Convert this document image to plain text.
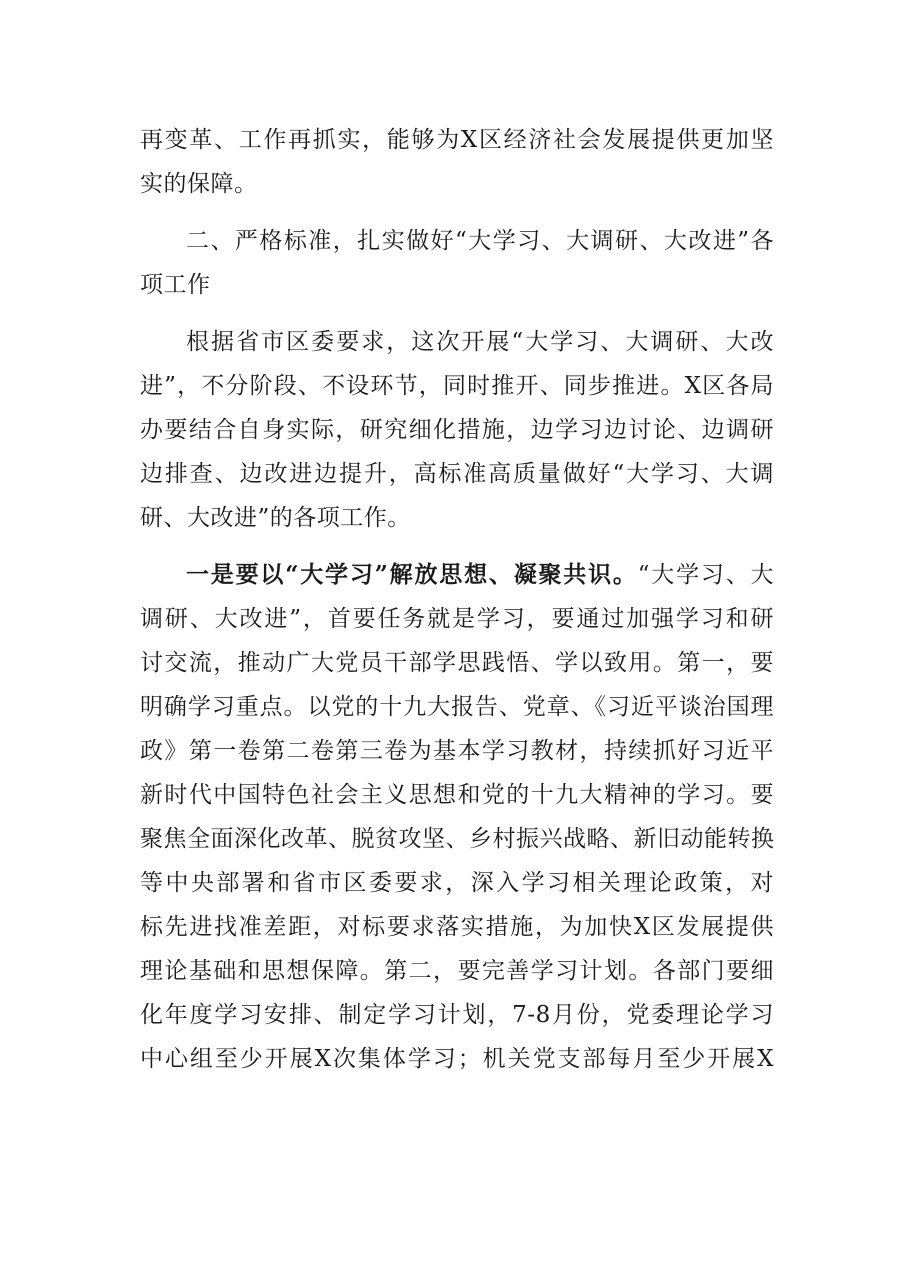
再变革、工作再抓实，能够为X区经济社会发展提供更加坚
实的保障。
二、严格标准，扎实做好“大学习、大调研、大改进”各
项工作
根据省市区委要求，这次开展“大学习、大调研、大改
进”，不分阶段、不设环节，同时推开、同步推进。X区各局
办要结合自身实际，研究细化措施，边学习边讨论、边调研
边排查、边改进边提升，高标准高质量做好“大学习、大调
研、大改进”的各项工作。
一是要以“大学习”解放思想、凝聚共识。“大学习、大
调研、大改进”，首要任务就是学习，要通过加强学习和研
讨交流，推动广大党员干部学思践悟、学以致用。第一，要
明确学习重点。以党的十九大报告、党章、《习近平谈治国理
政》第一卷第二卷第三卷为基本学习教材，持续抓好习近平
新时代中国特色社会主义思想和党的十九大精神的学习。要
聚焦全面深化改革、脱贫攻坚、乡村振兴战略、新旧动能转换
等中央部署和省市区委要求，深入学习相关理论政策，对
标先进找准差距，对标要求落实措施，为加快X区发展提供
理论基础和思想保障。第二，要完善学习计划。各部门要细
化年度学习安排、制定学习计划，7-8月份，党委理论学习
中心组至少开展X次集体学习；机关党支部每月至少开展X
